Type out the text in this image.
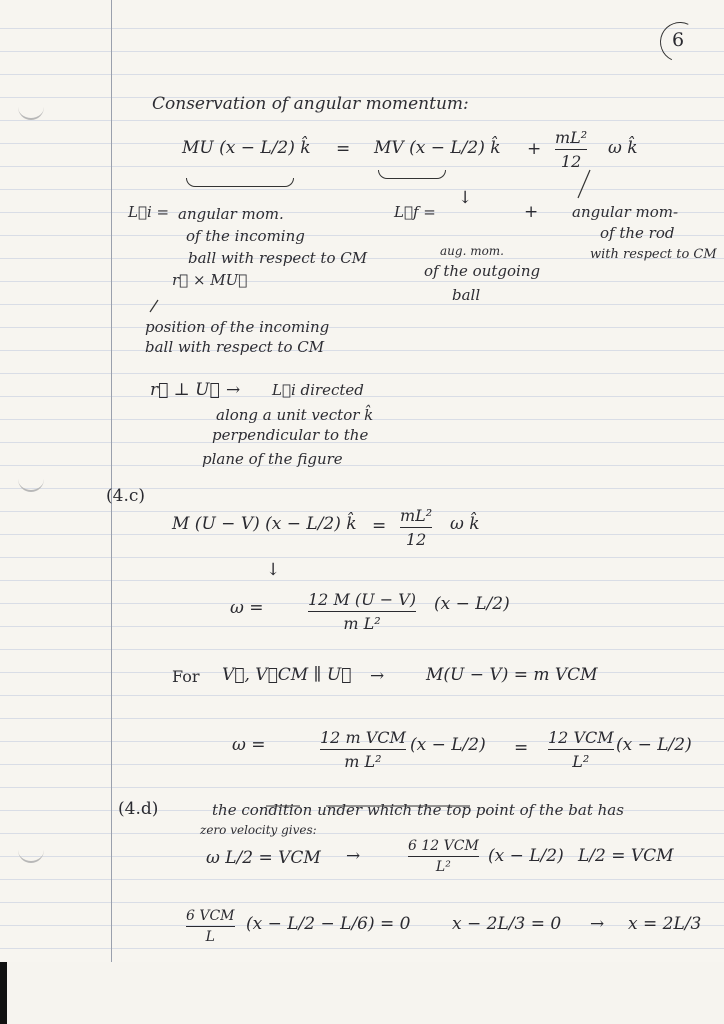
6
Conservation of angular momentum:
MU (x − L/2) k̂ = MV (x − L/2) k̂ +
mL²
12
ω k̂
L⃗i = angular mom.
of the incoming
ball with respect to CM
r⃗ × MU⃗
L⃗f =
↓
+
aug. mom.
of the outgoing
ball
angular mom-
of the rod
with respect to CM
position of the incoming
ball with respect to CM
r⃗ ⊥ U⃗ → L⃗i directed
along a unit vector k̂
perpendicular to the
plane of the figure
(4.c)
M (U − V) (x − L/2) k̂ =
mL²
12
ω k̂
↓
ω =	12 M (U − V)
m L²
(x − L/2)
For V⃗, V⃗CM ∥ U⃗ → M(U − V) = m VCM
ω =	12 m VCM
m L²
(x − L/2) =
12 VCM
L²
(x − L/2)
(4.d)	the condition under which the top point of the bat has
zero velocity gives:
ω L/2 = VCM →	6 12 VCM
L²
(x − L/2) L/2 = VCM
6 VCM
L
(x − L/2 − L/6) = 0 x − 2L/3 = 0 → x = 2L/3
